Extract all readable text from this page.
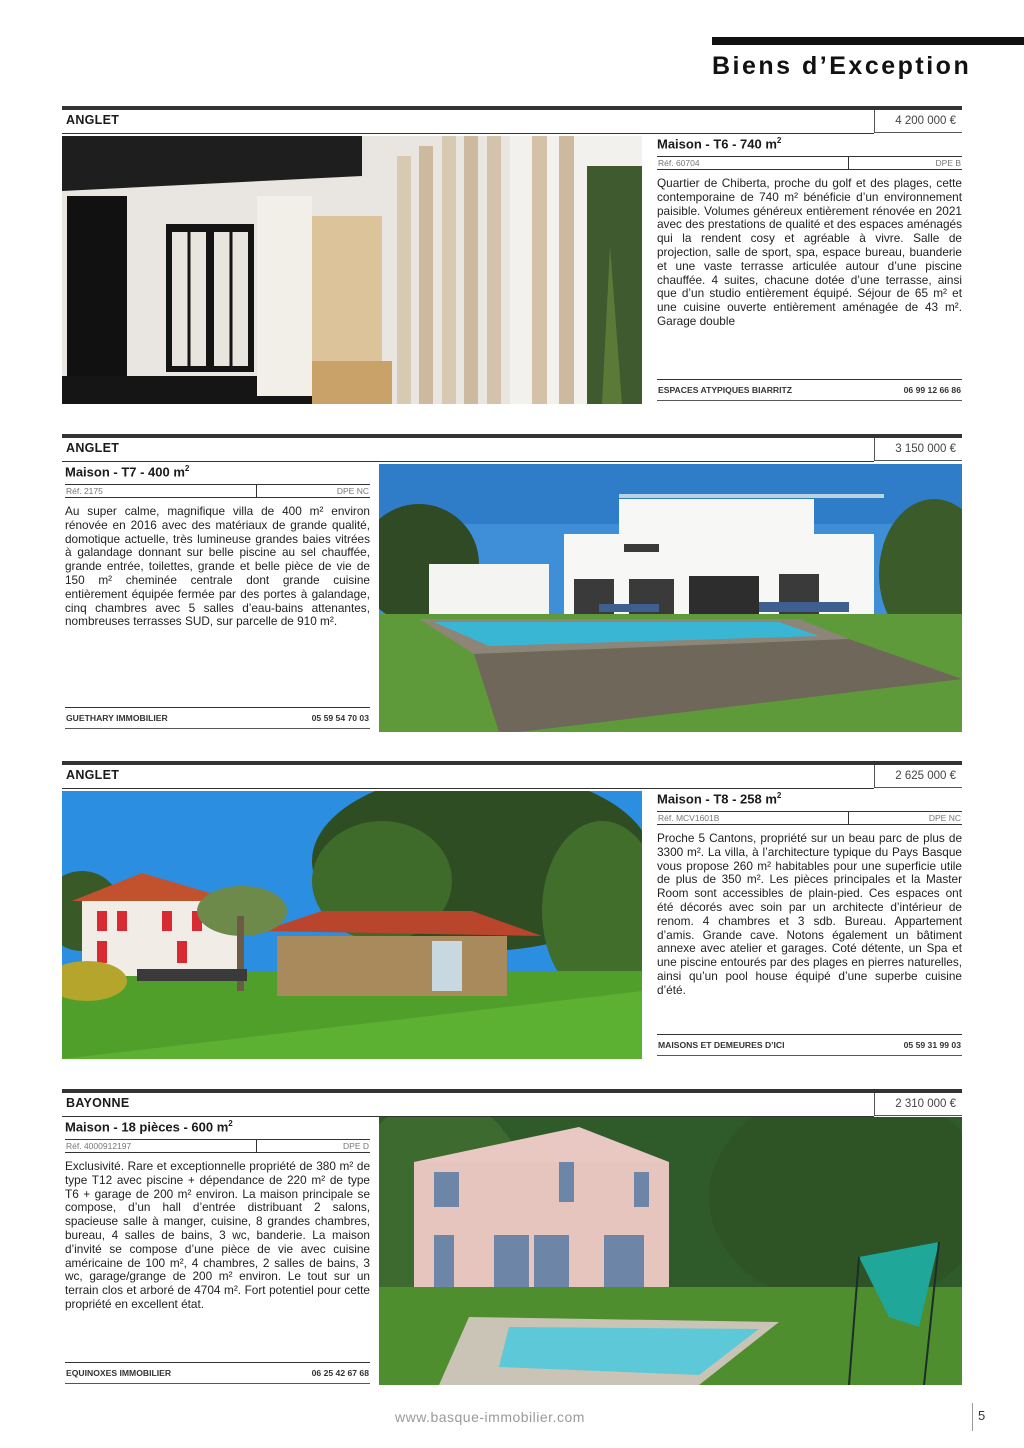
Biens d’Exception
ANGLET	4 200 000 €
Maison - T6 - 740 $m^2$
Réf. 60704	DPE B
Quartier de Chiberta, proche du golf et des plages, cette contemporaine de 740 m² bénéficie d’un environnement paisible. Volumes généreux entièrement rénovée en 2021 avec des prestations de qualité et des espaces aménagés qui la rendent cosy et agréable à vivre. Salle de projection, salle de sport, spa, espace bureau, buanderie et une vaste terrasse articulée autour d’une piscine chauffée. 4 suites, chacune dotée d’une terrasse, ainsi que d’un studio entièrement équipé. Séjour de 65 m² et une cuisine ouverte entièrement aménagée de 43 m². Garage double
ESPACES ATYPIQUES BIARRITZ	06 99 12 66 86
ANGLET	3 150 000 €
Maison - T7 - 400 $m^2$
Réf. 2175	DPE NC
Au super calme, magnifique villa de 400 m² environ rénovée en 2016 avec des matériaux de grande qualité, domotique actuelle, très lumineuse grandes baies vitrées à galandage donnant sur belle piscine au sel chauffée, grande entrée, toilettes, grande et belle pièce de vie de 150 m² cheminée centrale dont grande cuisine entièrement équipée fermée par des portes à galandage, cinq chambres avec 5 salles d’eau-bains attenantes, nombreuses terrasses SUD, sur parcelle de 910 m².
GUETHARY IMMOBILIER	05 59 54 70 03
ANGLET	2 625 000 €
Maison - T8 - 258 $m^2$
Réf. MCV1601B	DPE NC
Proche 5 Cantons, propriété sur un beau parc de plus de 3300 m². La villa, à l’architecture typique du Pays Basque vous propose 260 m² habitables pour une superficie utile de plus de 350 m². Les pièces principales et la Master Room sont accessibles de plain-pied. Ces espaces ont été décorés avec soin par un architecte d’intérieur de renom. 4 chambres et 3 sdb. Bureau. Appartement d’amis. Grande cave. Notons également un bâtiment annexe avec atelier et garages. Coté détente, un Spa et une piscine entourés par des plages en pierres naturelles, ainsi qu’un pool house équipé d’une superbe cuisine d’été.
MAISONS ET DEMEURES D’ICI	05 59 31 99 03
BAYONNE	2 310 000 €
Maison - 18 pièces - 600 $m^2$
Réf. 4000912197	DPE D
Exclusivité. Rare et exceptionnelle propriété de 380 m² de type T12 avec piscine + dépendance de 220 m² de type T6 + garage de 200 m² environ. La maison principale se compose, d’un hall d’entrée distribuant 2 salons, spacieuse salle à manger, cuisine, 8 grandes chambres, bureau, 4 salles de bains, 3 wc, banderie. La maison d’invité se compose d’une pièce de vie avec cuisine américaine de 100 m², 4 chambres, 2 salles de bains, 3 wc, garage/grange de 200 m² environ. Le tout sur un terrain clos et arboré de 4704 m². Fort potentiel pour cette propriété en excellent état.
EQUINOXES IMMOBILIER	06 25 42 67 68
www.basque-immobilier.com	5
